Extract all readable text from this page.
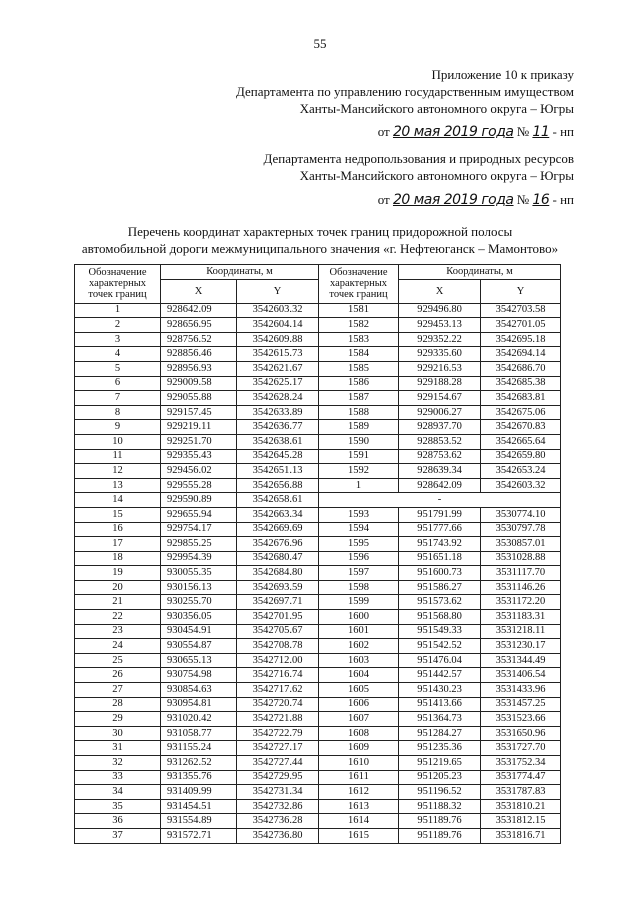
55
Приложение 10 к приказу
Департамента по управлению государственным имуществом
Ханты-Мансийского автономного округа – Югры
от 20 мая 2019 года № 11 - нп
Департамента недропользования и природных ресурсов
Ханты-Мансийского автономного округа – Югры
от 20 мая 2019 года № 16 - нп
Перечень координат характерных точек границ придорожной полосы
автомобильной дороги межмуниципального значения «г. Нефтеюганск – Мамонтово»
Обозначение характерных точек границ	Координаты, м		Обозначение характерных точек границ	Координаты, м	
	X	Y		X	Y
1	928642.09	3542603.32	1581	929496.80	3542703.58
2	928656.95	3542604.14	1582	929453.13	3542701.05
3	928756.52	3542609.88	1583	929352.22	3542695.18
4	928856.46	3542615.73	1584	929335.60	3542694.14
5	928956.93	3542621.67	1585	929216.53	3542686.70
6	929009.58	3542625.17	1586	929188.28	3542685.38
7	929055.88	3542628.24	1587	929154.67	3542683.81
8	929157.45	3542633.89	1588	929006.27	3542675.06
9	929219.11	3542636.77	1589	928937.70	3542670.83
10	929251.70	3542638.61	1590	928853.52	3542665.64
11	929355.43	3542645.28	1591	928753.62	3542659.80
12	929456.02	3542651.13	1592	928639.34	3542653.24
13	929555.28	3542656.88	1	928642.09	3542603.32
14	929590.89	3542658.61	-		
15	929655.94	3542663.34	1593	951791.99	3530774.10
16	929754.17	3542669.69	1594	951777.66	3530797.78
17	929855.25	3542676.96	1595	951743.92	3530857.01
18	929954.39	3542680.47	1596	951651.18	3531028.88
19	930055.35	3542684.80	1597	951600.73	3531117.70
20	930156.13	3542693.59	1598	951586.27	3531146.26
21	930255.70	3542697.71	1599	951573.62	3531172.20
22	930356.05	3542701.95	1600	951568.80	3531183.31
23	930454.91	3542705.67	1601	951549.33	3531218.11
24	930554.87	3542708.78	1602	951542.52	3531230.17
25	930655.13	3542712.00	1603	951476.04	3531344.49
26	930754.98	3542716.74	1604	951442.57	3531406.54
27	930854.63	3542717.62	1605	951430.23	3531433.96
28	930954.81	3542720.74	1606	951413.66	3531457.25
29	931020.42	3542721.88	1607	951364.73	3531523.66
30	931058.77	3542722.79	1608	951284.27	3531650.96
31	931155.24	3542727.17	1609	951235.36	3531727.70
32	931262.52	3542727.44	1610	951219.65	3531752.34
33	931355.76	3542729.95	1611	951205.23	3531774.47
34	931409.99	3542731.34	1612	951196.52	3531787.83
35	931454.51	3542732.86	1613	951188.32	3531810.21
36	931554.89	3542736.28	1614	951189.76	3531812.15
37	931572.71	3542736.80	1615	951189.76	3531816.71
